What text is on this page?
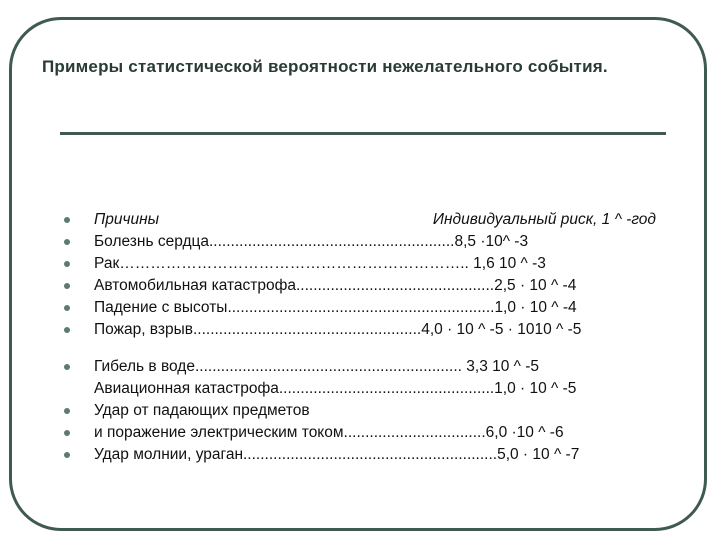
Примеры статистической вероятности нежелательного события.
Причины	Индивидуальный риск, 1 ^ -год
Болезнь сердца.........................................................8,5 ·10^ -3
Рак………………………………………………………….. 1,6 10 ^ -3
Автомобильная катастрофа..............................................2,5 · 10 ^ -4
Падение с высоты..............................................................1,0 · 10 ^ -4
Пожар, взрыв.....................................................4,0 · 10 ^ -5 · 1010 ^ -5
Гибель в воде.............................................................. 3,3 10 ^ -5
Авиационная катастрофа..................................................1,0 · 10 ^ -5
Удар от падающих предметов
и поражение электрическим током.................................6,0 ·10 ^ -6
Удар молнии, ураган...........................................................5,0 · 10 ^ -7
